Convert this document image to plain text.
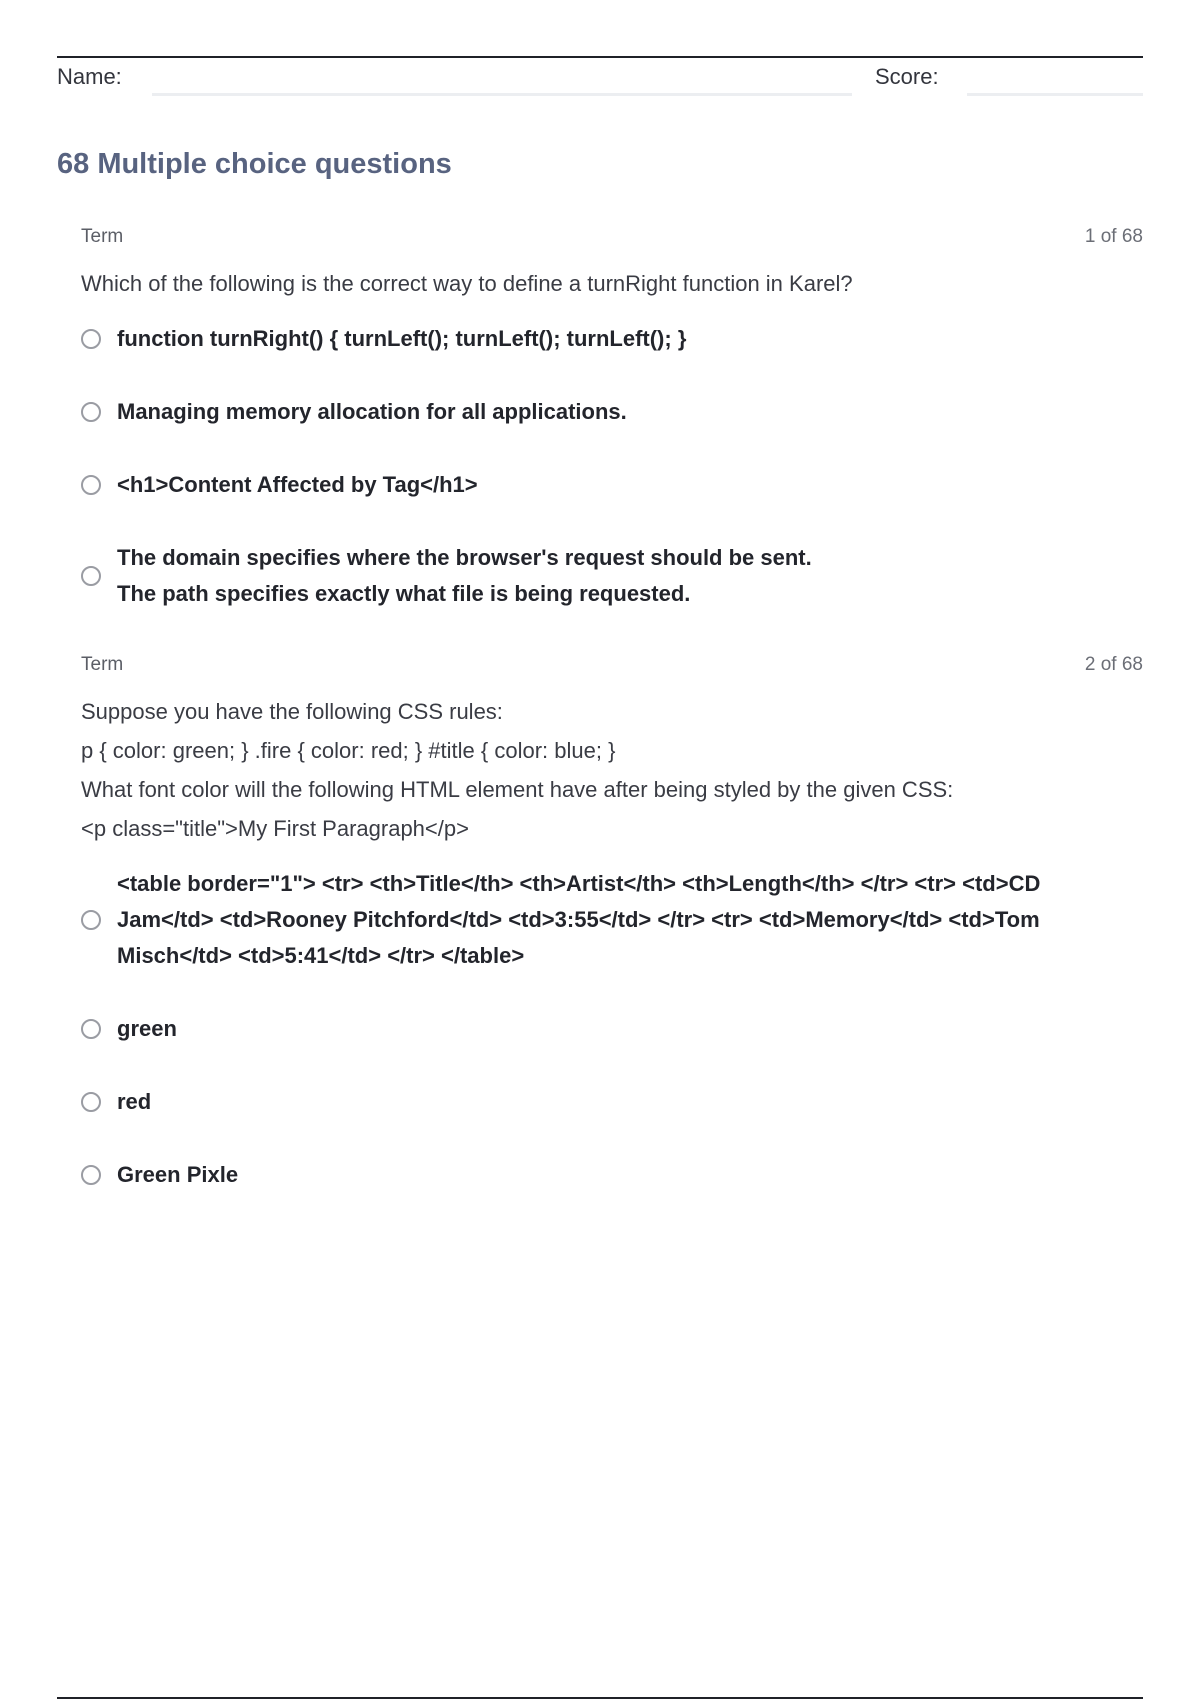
Name:	Score:
68 Multiple choice questions
Term	1 of 68
Which of the following is the correct way to define a turnRight function in Karel?
function turnRight() { turnLeft(); turnLeft(); turnLeft(); }
Managing memory allocation for all applications.
<h1>Content Affected by Tag</h1>
The domain specifies where the browser's request should be sent.
The path specifies exactly what file is being requested.
Term	2 of 68
Suppose you have the following CSS rules:
p { color: green; } .fire { color: red; } #title { color: blue; }
What font color will the following HTML element have after being styled by the given CSS:
<p class="title">My First Paragraph</p>
<table border="1"> <tr> <th>Title</th> <th>Artist</th> <th>Length</th> </tr> <tr> <td>CD Jam</td> <td>Rooney Pitchford</td> <td>3:55</td> </tr> <tr> <td>Memory</td> <td>Tom Misch</td> <td>5:41</td> </tr> </table>
green
red
Green Pixle
